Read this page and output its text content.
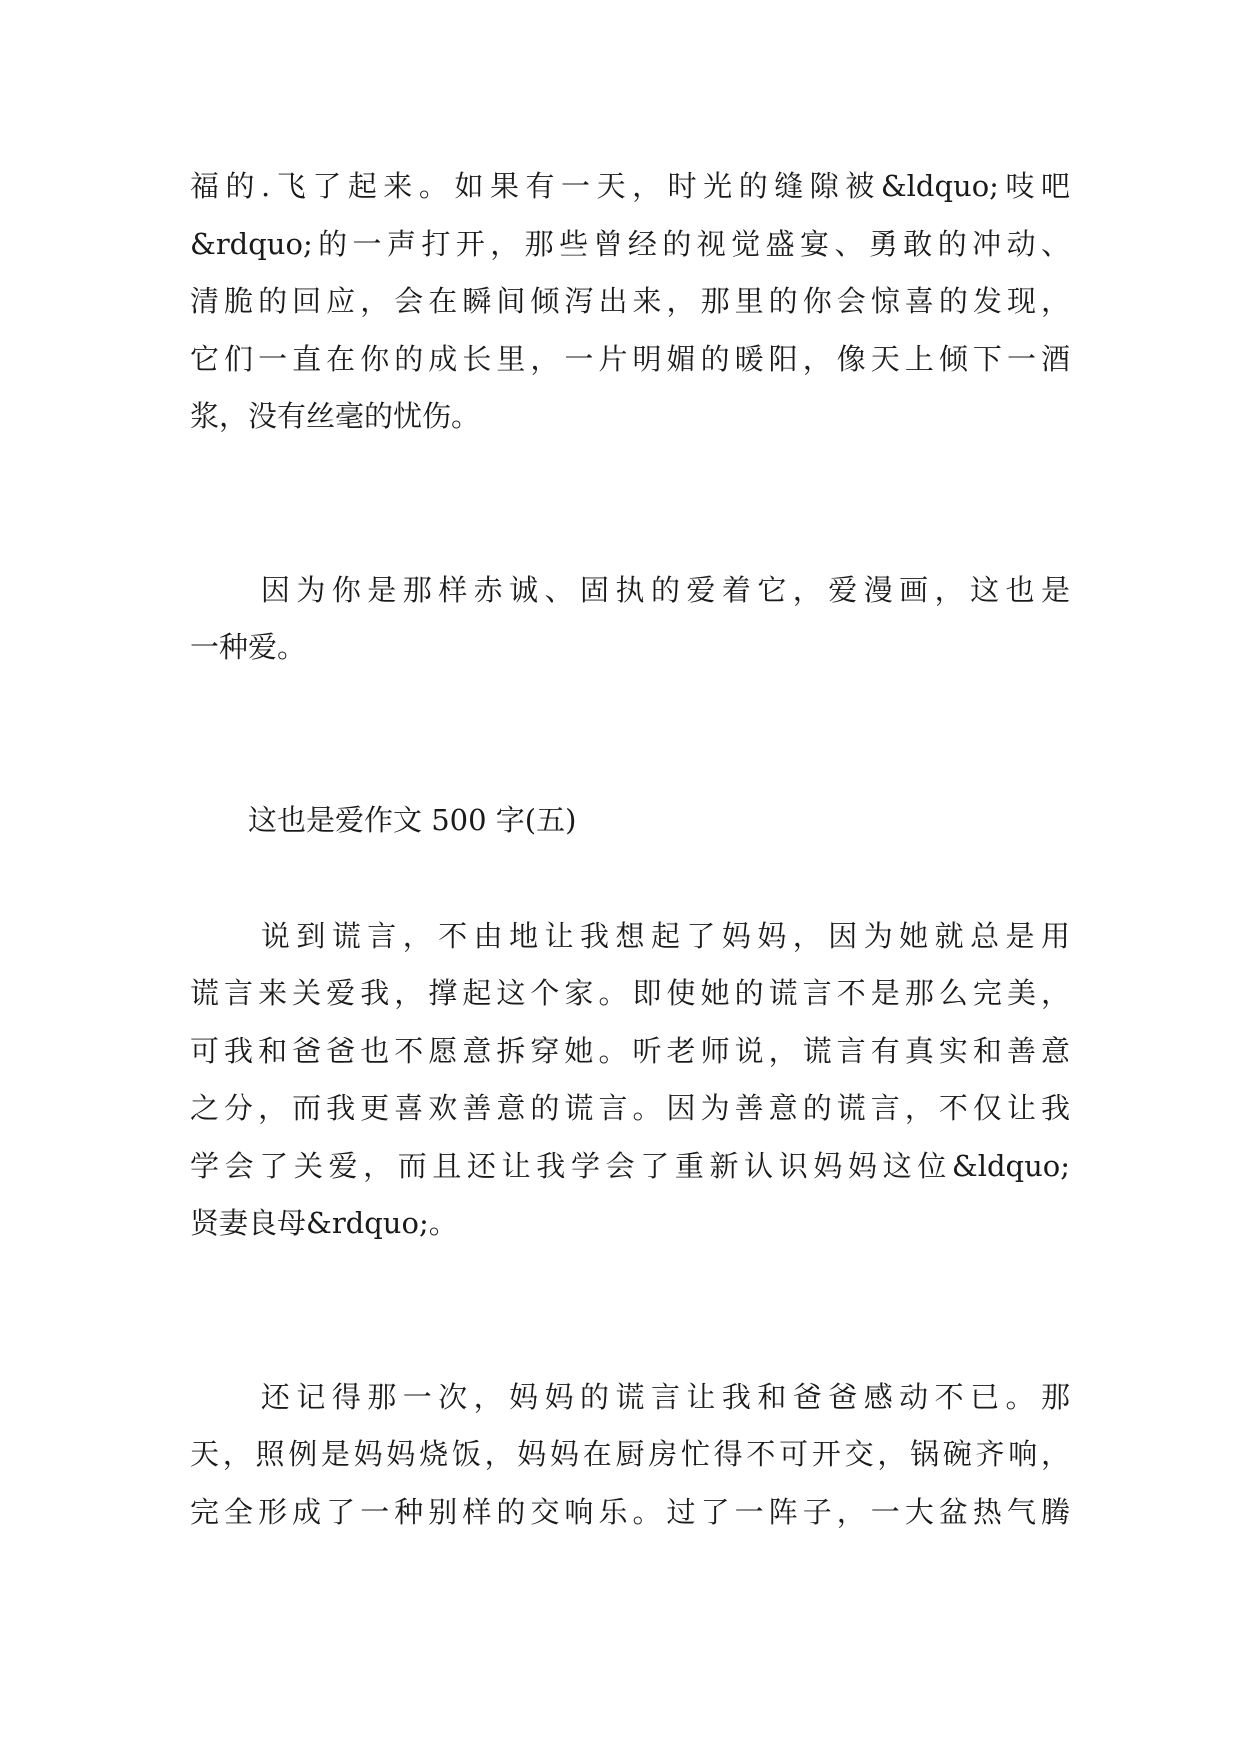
福的.飞了起来。如果有一天，时光的缝隙被&ldquo;吱吧
&rdquo;的一声打开，那些曾经的视觉盛宴、勇敢的冲动、
清脆的回应，会在瞬间倾泻出来，那里的你会惊喜的发现，
它们一直在你的成长里，一片明媚的暖阳，像天上倾下一酒
浆，没有丝毫的忧伤。
　　因为你是那样赤诚、固执的爱着它，爱漫画，这也是
一种爱。
　　这也是爱作文 500 字(五)
　　说到谎言，不由地让我想起了妈妈，因为她就总是用
谎言来关爱我，撑起这个家。即使她的谎言不是那么完美，
可我和爸爸也不愿意拆穿她。听老师说，谎言有真实和善意
之分，而我更喜欢善意的谎言。因为善意的谎言，不仅让我
学会了关爱，而且还让我学会了重新认识妈妈这位&ldquo;
贤妻良母&rdquo;。
　　还记得那一次，妈妈的谎言让我和爸爸感动不已。那
天，照例是妈妈烧饭，妈妈在厨房忙得不可开交，锅碗齐响，
完全形成了一种别样的交响乐。过了一阵子，一大盆热气腾
